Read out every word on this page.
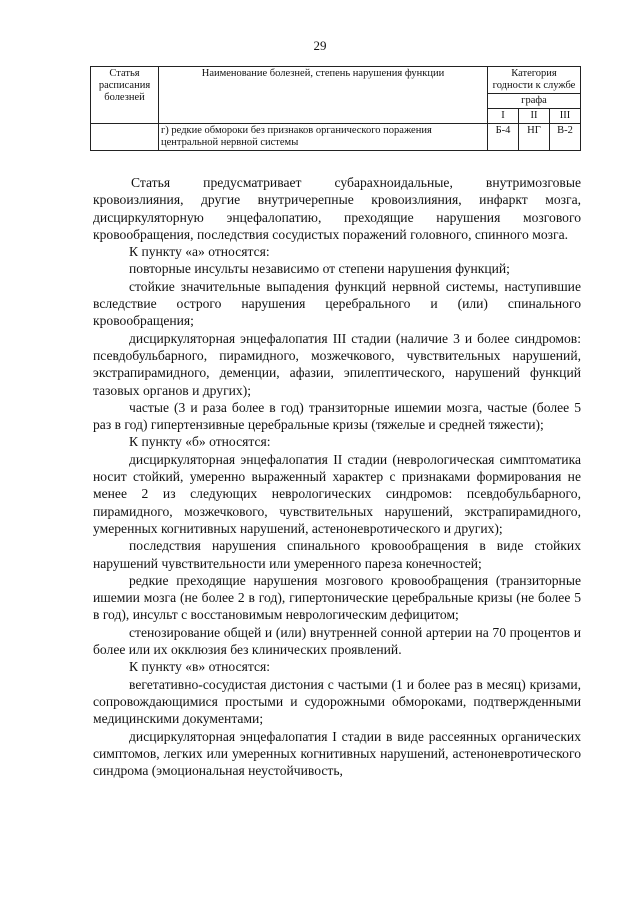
29
Статья расписания болезней	Наименование болезней, степень нарушения функции	Категория годности к службе		
		графа		
		I	II	III
	г) редкие обмороки без признаков органического поражения центральной нервной системы	Б-4	НГ	В-2

Статья предусматривает субарахноидальные, внутримозговые кровоизлияния, другие внутричерепные кровоизлияния, инфаркт мозга, дисциркуляторную энцефалопатию, преходящие нарушения мозгового кровообращения, последствия сосудистых поражений головного, спинного мозга.

К пункту «а» относятся:

повторные инсульты независимо от степени нарушения функций;

стойкие значительные выпадения функций нервной системы, наступившие вследствие острого нарушения церебрального и (или) спинального кровообращения;

дисциркуляторная энцефалопатия III стадии (наличие 3 и более синдромов: псевдобульбарного, пирамидного, мозжечкового, чувствительных нарушений, экстрапирамидного, деменции, афазии, эпилептического, нарушений функций тазовых органов и других);

частые (3 и раза более в год) транзиторные ишемии мозга, частые (более 5 раз в год) гипертензивные церебральные кризы (тяжелые и средней тяжести);

К пункту «б» относятся:

дисциркуляторная энцефалопатия II стадии (неврологическая симптоматика носит стойкий, умеренно выраженный характер с признаками формирования не менее 2 из следующих неврологических синдромов: псевдобульбарного, пирамидного, мозжечкового, чувствительных нарушений, экстрапирамидного, умеренных когнитивных нарушений, астеноневротического и других);

последствия нарушения спинального кровообращения в виде стойких нарушений чувствительности или умеренного пареза конечностей;

редкие преходящие нарушения мозгового кровообращения (транзиторные ишемии мозга (не более 2 в год), гипертонические церебральные кризы (не более 5 в год), инсульт с восстановимым неврологическим дефицитом;

стенозирование общей и (или) внутренней сонной артерии на 70 процентов и более или их окклюзия без клинических проявлений.

К пункту «в» относятся:

вегетативно-сосудистая дистония с частыми (1 и более раз в месяц) кризами, сопровождающимися простыми и судорожными обмороками, подтвержденными медицинскими документами;

дисциркуляторная энцефалопатия I стадии в виде рассеянных органических симптомов, легких или умеренных когнитивных нарушений, астеноневротического синдрома (эмоциональная неустойчивость,
